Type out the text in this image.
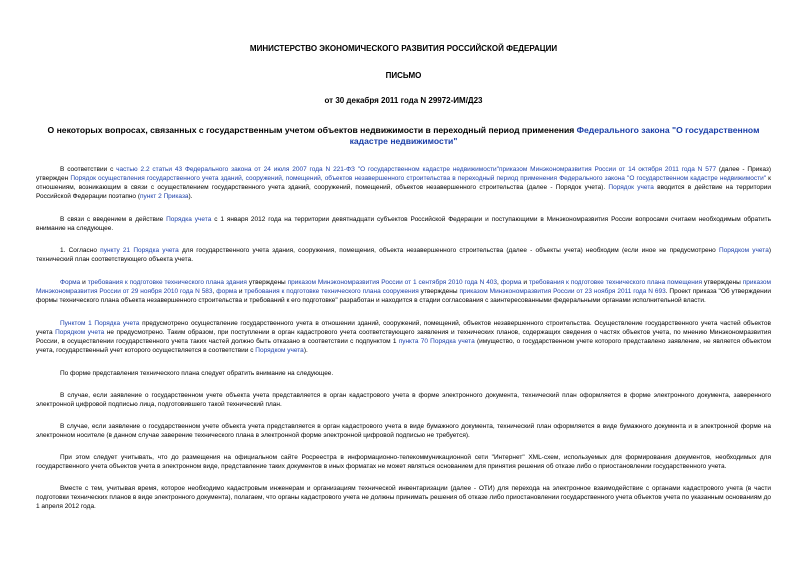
МИНИСТЕРСТВО ЭКОНОМИЧЕСКОГО РАЗВИТИЯ РОССИЙСКОЙ ФЕДЕРАЦИИ
ПИСЬМО
от 30 декабря 2011 года N 29972-ИМ/Д23
О некоторых вопросах, связанных с государственным учетом объектов недвижимости в переходный период применения Федерального закона "О государственном кадастре недвижимости"

В соответствии с частью 2.2 статьи 43 Федерального закона от 24 июля 2007 года N 221-ФЗ "О государственном кадастре недвижимости"приказом Минэкономразвития России от 14 октября 2011 года N 577 (далее - Приказ) утвержден Порядок осуществления государственного учета зданий, сооружений, помещений, объектов незавершенного строительства в переходный период применения Федерального закона "О государственном кадастре недвижимости" к отношениям, возникающим в связи с осуществлением государственного учета зданий, сооружений, помещений, объектов незавершенного строительства (далее - Порядок учета). Порядок учета вводится в действие на территории Российской Федерации поэтапно (пункт 2 Приказа).

В связи с введением в действие Порядка учета с 1 января 2012 года на территории девятнадцати субъектов Российской Федерации и поступающими в Минэкономразвития России вопросами считаем необходимым обратить внимание на следующее.

1. Согласно пункту 21 Порядка учета для государственного учета здания, сооружения, помещения, объекта незавершенного строительства (далее - объекты учета) необходим (если иное не предусмотрено Порядком учета) технический план соответствующего объекта учета.

Форма и требования к подготовке технического плана здания утверждены приказом Минэкономразвития России от 1 сентября 2010 года N 403, форма и требования к подготовке технического плана помещения утверждены приказом Минэкономразвития России от 29 ноября 2010 года N 583, форма и требования к подготовке технического плана сооружения утверждены приказом Минэкономразвития России от 23 ноября 2011 года N 693. Проект приказа "Об утверждении формы технического плана объекта незавершенного строительства и требований к его подготовке" разработан и находится в стадии согласования с заинтересованными федеральными органами исполнительной власти.

Пунктом 1 Порядка учета предусмотрено осуществление государственного учета в отношении зданий, сооружений, помещений, объектов незавершенного строительства. Осуществление государственного учета частей объектов учета Порядком учета не предусмотрено. Таким образом, при поступлении в орган кадастрового учета соответствующего заявления и технических планов, содержащих сведения о частях объектов учета, по мнению Минэкономразвития России, в осуществлении государственного учета таких частей должно быть отказано в соответствии с подпунктом 1 пункта 70 Порядка учета (имущество, о государственном учете которого представлено заявление, не является объектом учета, государственный учет которого осуществляется в соответствии с Порядком учета).

По форме представления технического плана следует обратить внимание на следующее.

В случае, если заявление о государственном учете объекта учета представляется в орган кадастрового учета в форме электронного документа, технический план оформляется в форме электронного документа, заверенного электронной цифровой подписью лица, подготовившего такой технический план.

В случае, если заявление о государственном учете объекта учета представляется в орган кадастрового учета в виде бумажного документа, технический план оформляется в виде бумажного документа и в электронной форме на электронном носителе (в данном случае заверение технического плана в электронной форме электронной цифровой подписью не требуется).

При этом следует учитывать, что до размещения на официальном сайте Росреестра в информационно-телекоммуникационной сети "Интернет" XML-схем, используемых для формирования документов, необходимых для государственного учета объектов учета в электронном виде, представление таких документов в иных форматах не может являться основанием для принятия решения об отказе либо о приостановлении государственного учета.

Вместе с тем, учитывая время, которое необходимо кадастровым инженерам и организациям технической инвентаризации (далее - ОТИ) для перехода на электронное взаимодействие с органами кадастрового учета (в части подготовки технических планов в виде электронного документа), полагаем, что органы кадастрового учета не должны принимать решения об отказе либо приостановлении государственного учета объектов учета по указанным основаниям до 1 апреля 2012 года.
